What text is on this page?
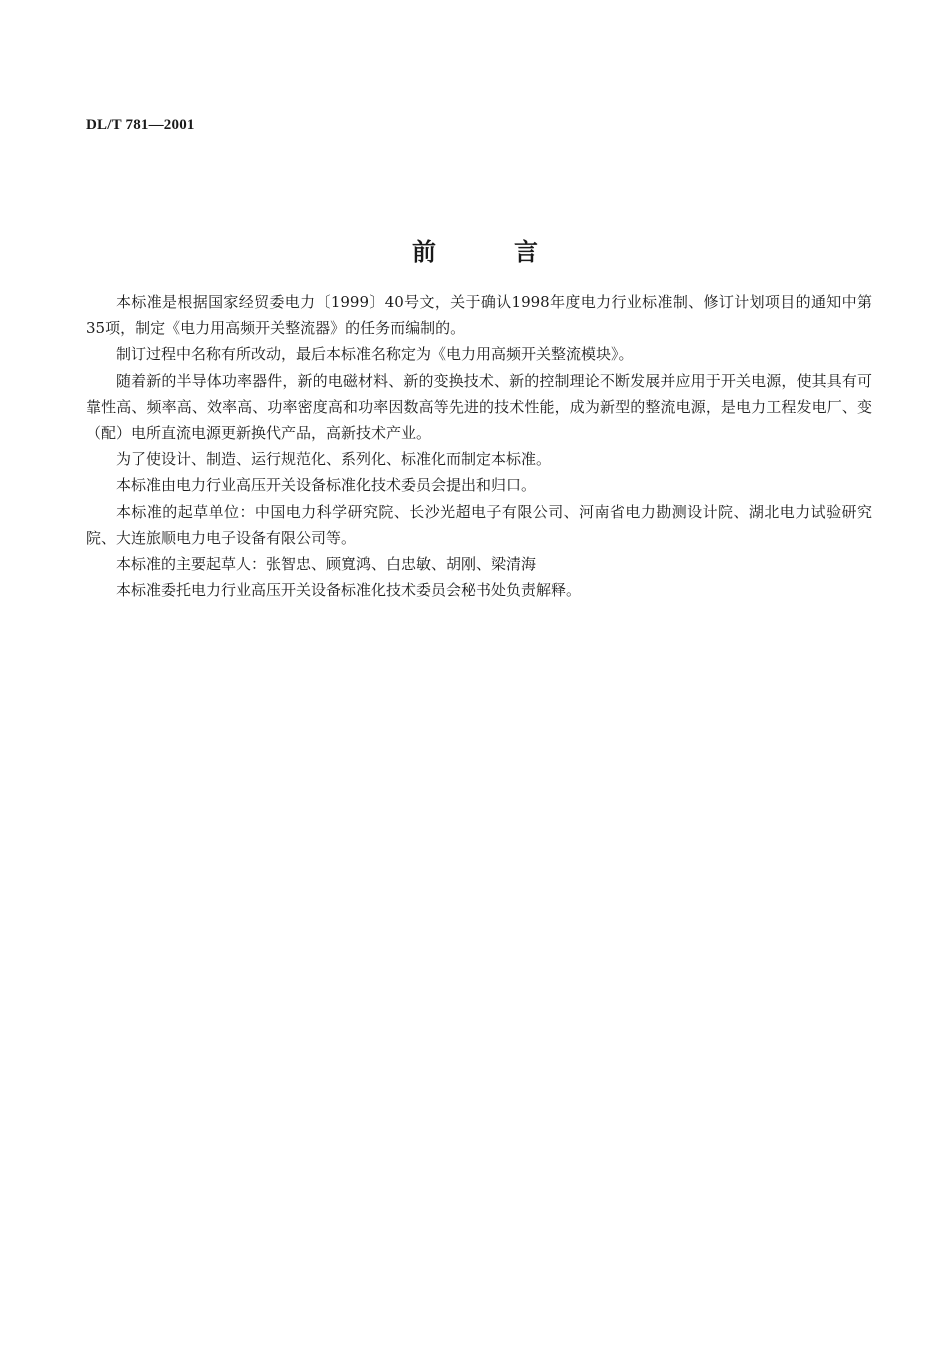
DL/T 781—2001
前	言

本标准是根据国家经贸委电力〔1999〕40号文，关于确认1998年度电力行业标准制、修订计划项目的通知中第35项，制定《电力用高频开关整流器》的任务而编制的。

制订过程中名称有所改动，最后本标准名称定为《电力用高频开关整流模块》。

随着新的半导体功率器件，新的电磁材料、新的变换技术、新的控制理论不断发展并应用于开关电源，使其具有可靠性高、频率高、效率高、功率密度高和功率因数高等先进的技术性能，成为新型的整流电源，是电力工程发电厂、变（配）电所直流电源更新换代产品，高新技术产业。

为了使设计、制造、运行规范化、系列化、标准化而制定本标准。

本标准由电力行业高压开关设备标准化技术委员会提出和归口。

本标准的起草单位：中国电力科学研究院、长沙光超电子有限公司、河南省电力勘测设计院、湖北电力试验研究院、大连旅顺电力电子设备有限公司等。

本标准的主要起草人：张智忠、顾寬鸿、白忠敏、胡刚、梁清海

本标准委托电力行业高压开关设备标准化技术委员会秘书处负责解释。
